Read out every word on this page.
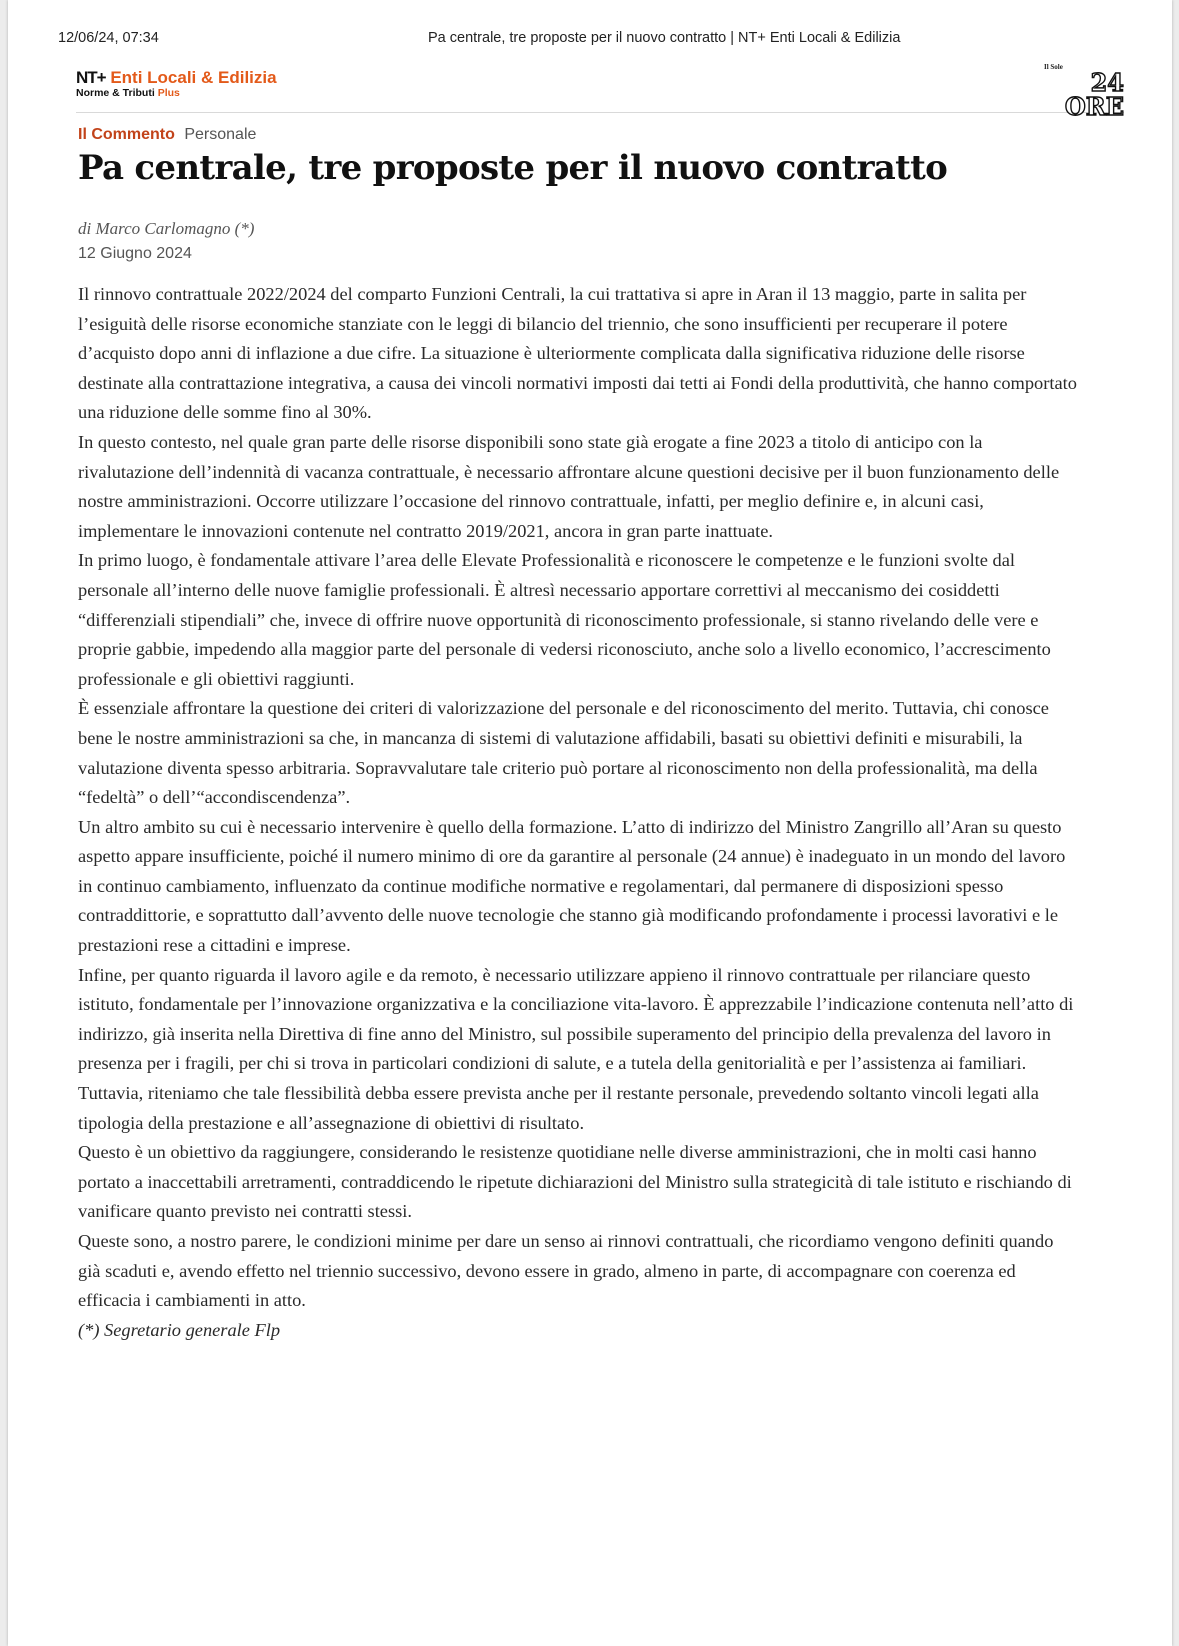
12/06/24, 07:34	Pa centrale, tre proposte per il nuovo contratto | NT+ Enti Locali & Edilizia
NT+ Enti Locali & Edilizia
Norme & Tributi Plus
Il Sole
24 ORE
Il Commento Personale
Pa centrale, tre proposte per il nuovo contratto
di Marco Carlomagno (*)
12 Giugno 2024

Il rinnovo contrattuale 2022/2024 del comparto Funzioni Centrali, la cui trattativa si apre in Aran il 13 maggio, parte in salita per l’esiguità delle risorse economiche stanziate con le leggi di bilancio del triennio, che sono insufficienti per recuperare il potere d’acquisto dopo anni di inflazione a due cifre. La situazione è ulteriormente complicata dalla significativa riduzione delle risorse destinate alla contrattazione integrativa, a causa dei vincoli normativi imposti dai tetti ai Fondi della produttività, che hanno comportato una riduzione delle somme fino al 30%.

In questo contesto, nel quale gran parte delle risorse disponibili sono state già erogate a fine 2023 a titolo di anticipo con la rivalutazione dell’indennità di vacanza contrattuale, è necessario affrontare alcune questioni decisive per il buon funzionamento delle nostre amministrazioni. Occorre utilizzare l’occasione del rinnovo contrattuale, infatti, per meglio definire e, in alcuni casi, implementare le innovazioni contenute nel contratto 2019/2021, ancora in gran parte inattuate.

In primo luogo, è fondamentale attivare l’area delle Elevate Professionalità e riconoscere le competenze e le funzioni svolte dal personale all’interno delle nuove famiglie professionali. È altresì necessario apportare correttivi al meccanismo dei cosiddetti “differenziali stipendiali” che, invece di offrire nuove opportunità di riconoscimento professionale, si stanno rivelando delle vere e proprie gabbie, impedendo alla maggior parte del personale di vedersi riconosciuto, anche solo a livello economico, l’accrescimento professionale e gli obiettivi raggiunti.

È essenziale affrontare la questione dei criteri di valorizzazione del personale e del riconoscimento del merito. Tuttavia, chi conosce bene le nostre amministrazioni sa che, in mancanza di sistemi di valutazione affidabili, basati su obiettivi definiti e misurabili, la valutazione diventa spesso arbitraria. Sopravvalutare tale criterio può portare al riconoscimento non della professionalità, ma della “fedeltà” o dell’“accondiscendenza”.

Un altro ambito su cui è necessario intervenire è quello della formazione. L’atto di indirizzo del Ministro Zangrillo all’Aran su questo aspetto appare insufficiente, poiché il numero minimo di ore da garantire al personale (24 annue) è inadeguato in un mondo del lavoro in continuo cambiamento, influenzato da continue modifiche normative e regolamentari, dal permanere di disposizioni spesso contraddittorie, e soprattutto dall’avvento delle nuove tecnologie che stanno già modificando profondamente i processi lavorativi e le prestazioni rese a cittadini e imprese.

Infine, per quanto riguarda il lavoro agile e da remoto, è necessario utilizzare appieno il rinnovo contrattuale per rilanciare questo istituto, fondamentale per l’innovazione organizzativa e la conciliazione vita-lavoro. È apprezzabile l’indicazione contenuta nell’atto di indirizzo, già inserita nella Direttiva di fine anno del Ministro, sul possibile superamento del principio della prevalenza del lavoro in presenza per i fragili, per chi si trova in particolari condizioni di salute, e a tutela della genitorialità e per l’assistenza ai familiari. Tuttavia, riteniamo che tale flessibilità debba essere prevista anche per il restante personale, prevedendo soltanto vincoli legati alla tipologia della prestazione e all’assegnazione di obiettivi di risultato.

Questo è un obiettivo da raggiungere, considerando le resistenze quotidiane nelle diverse amministrazioni, che in molti casi hanno portato a inaccettabili arretramenti, contraddicendo le ripetute dichiarazioni del Ministro sulla strategicità di tale istituto e rischiando di vanificare quanto previsto nei contratti stessi.

Queste sono, a nostro parere, le condizioni minime per dare un senso ai rinnovi contrattuali, che ricordiamo vengono definiti quando già scaduti e, avendo effetto nel triennio successivo, devono essere in grado, almeno in parte, di accompagnare con coerenza ed efficacia i cambiamenti in atto.

(*) Segretario generale Flp
